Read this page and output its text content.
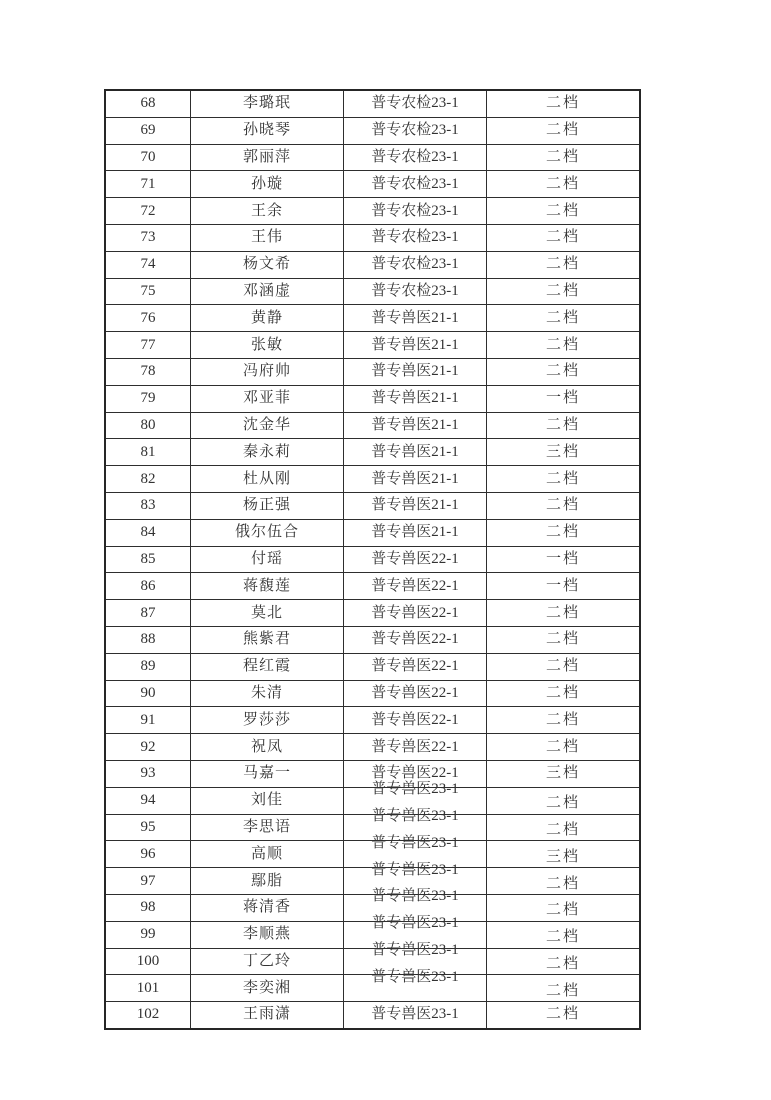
68	李璐珉	普专农检23-1	二档
69	孙晓琴	普专农检23-1	二档
70	郭丽萍	普专农检23-1	二档
71	孙璇	普专农检23-1	二档
72	王余	普专农检23-1	二档
73	王伟	普专农检23-1	二档
74	杨文希	普专农检23-1	二档
75	邓涵虚	普专农检23-1	二档
76	黄静	普专兽医21-1	二档
77	张敏	普专兽医21-1	二档
78	冯府帅	普专兽医21-1	二档
79	邓亚菲	普专兽医21-1	一档
80	沈金华	普专兽医21-1	二档
81	秦永莉	普专兽医21-1	三档
82	杜从刚	普专兽医21-1	二档
83	杨正强	普专兽医21-1	二档
84	俄尔伍合	普专兽医21-1	二档
85	付瑶	普专兽医22-1	一档
86	蒋馥莲	普专兽医22-1	一档
87	莫北	普专兽医22-1	二档
88	熊紫君	普专兽医22-1	二档
89	程红霞	普专兽医22-1	二档
90	朱清	普专兽医22-1	二档
91	罗莎莎	普专兽医22-1	二档
92	祝凤	普专兽医22-1	二档
93	马嘉一	普专兽医22-1	三档
94	刘佳	普专兽医23-1	二档
95	李思语	普专兽医23-1	二档
96	高顺	普专兽医23-1	三档
97	鄢脂	普专兽医23-1	二档
98	蒋清香	普专兽医23-1	二档
99	李顺燕	普专兽医23-1	二档
100	丁乙玲	普专兽医23-1	二档
101	李奕湘	普专兽医23-1	二档
102	王雨潇	普专兽医23-1	二档
